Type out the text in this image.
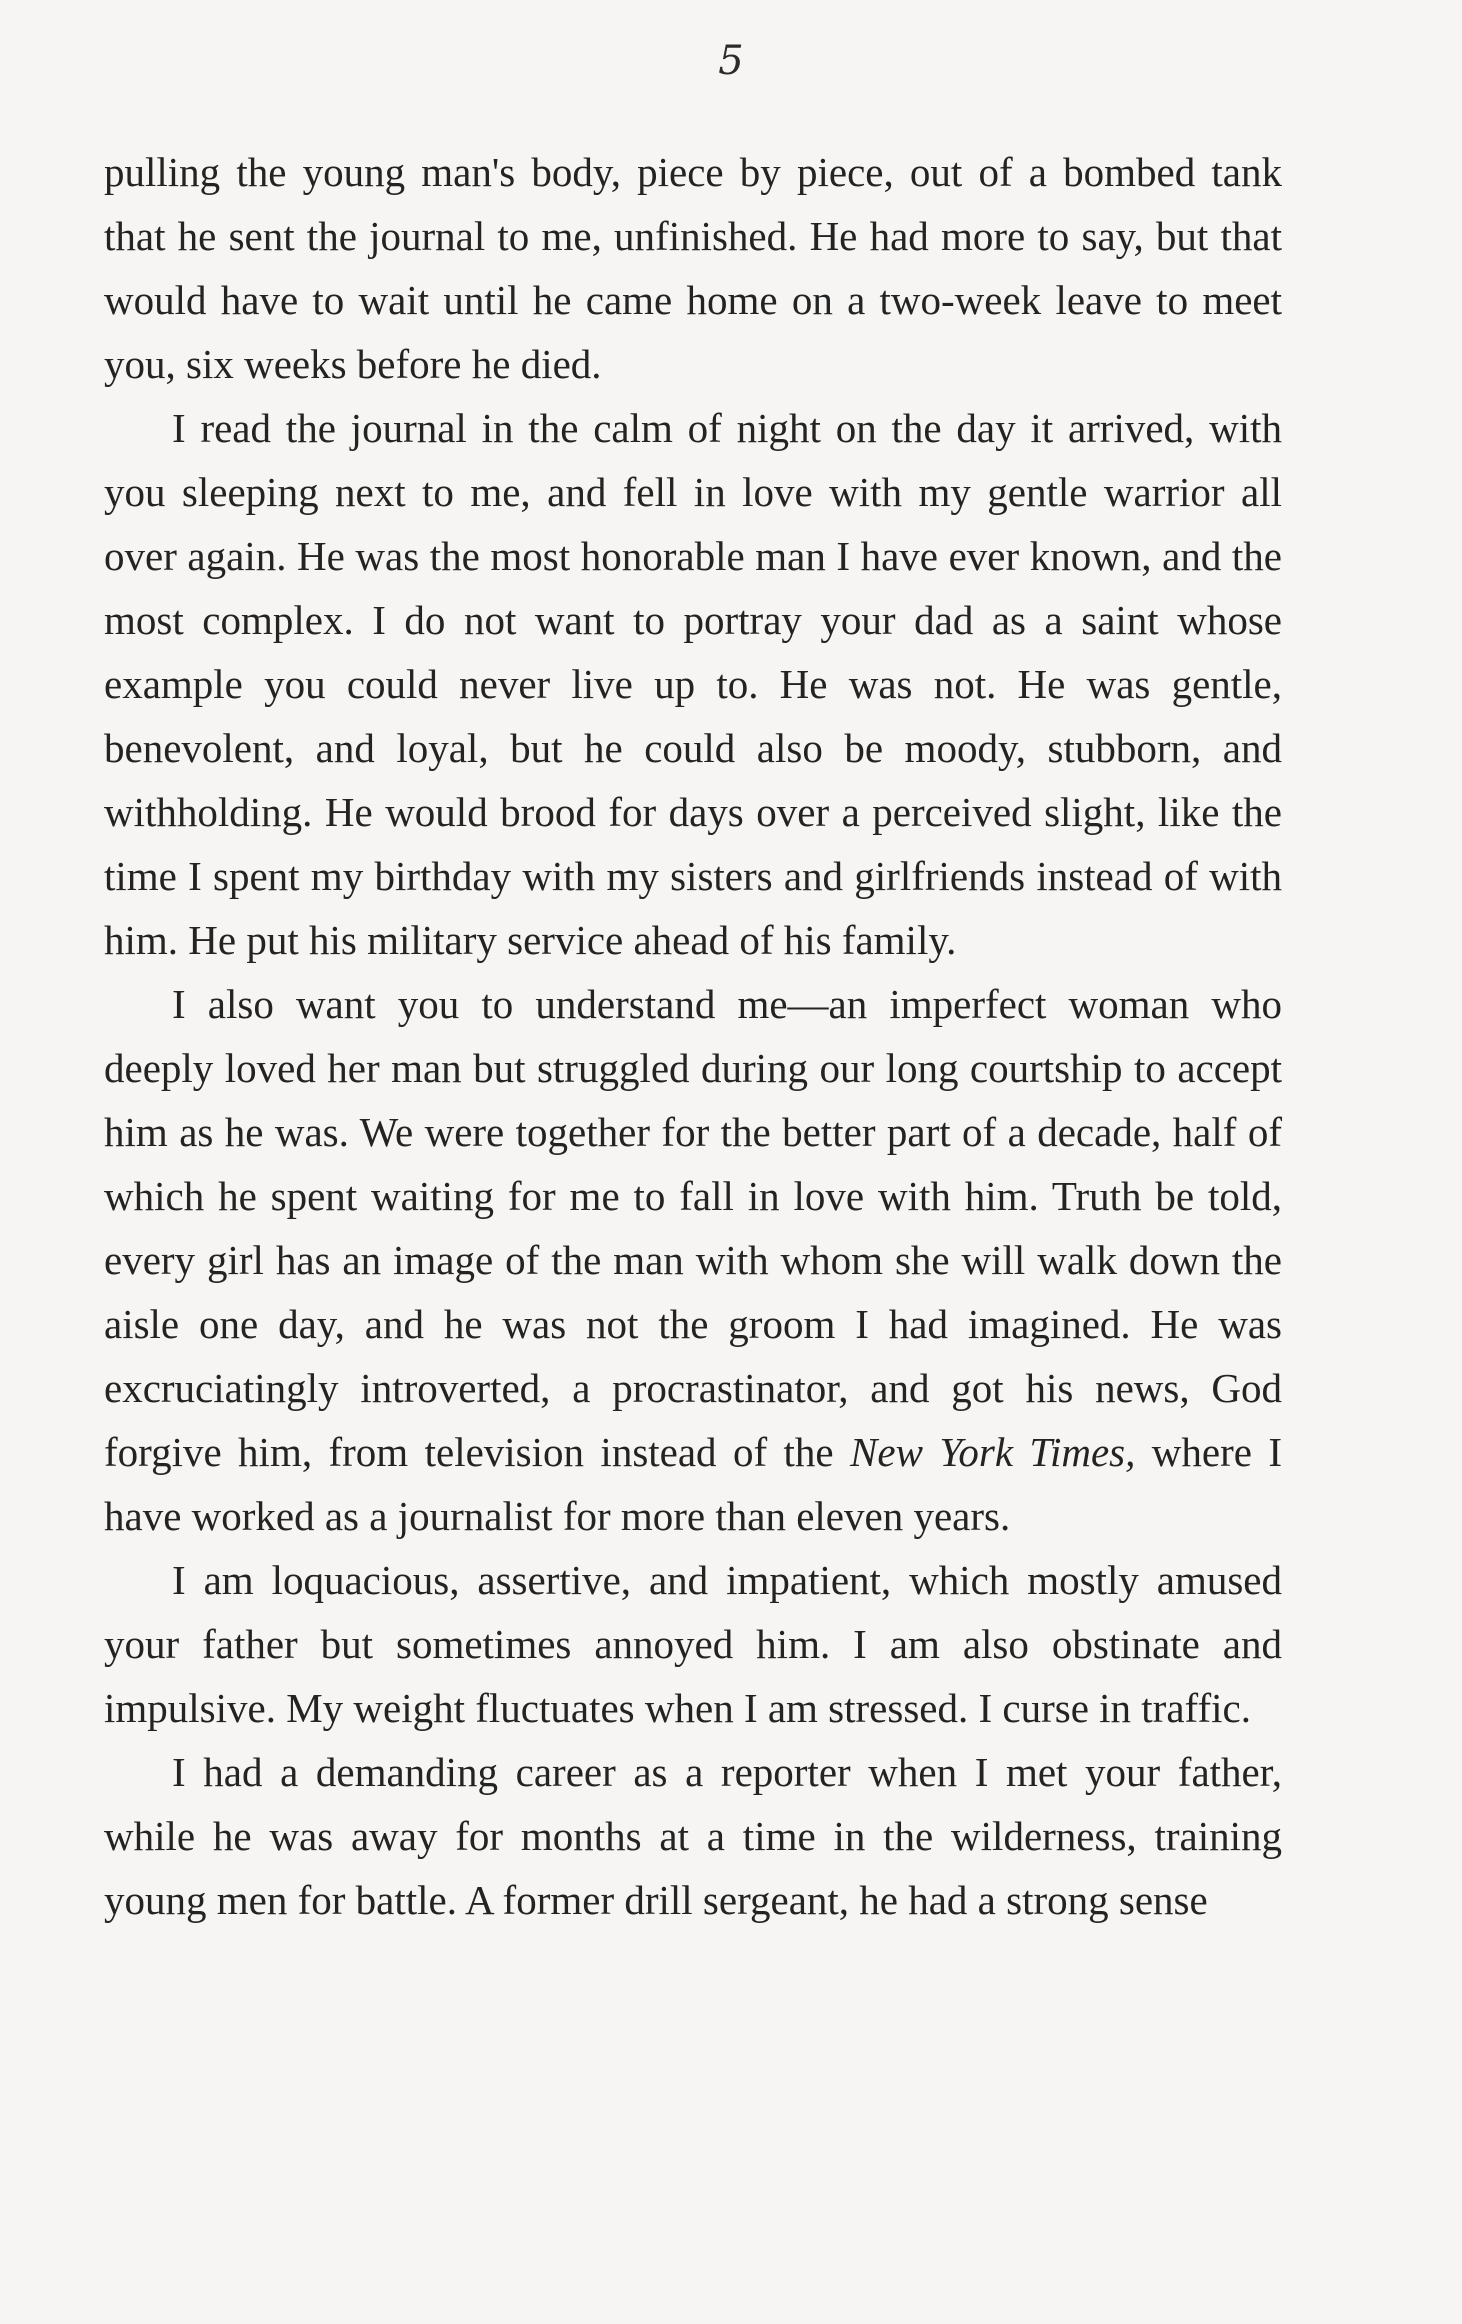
5

pulling the young man's body, piece by piece, out of a bombed tank that he sent the journal to me, unfinished. He had more to say, but that would have to wait until he came home on a two-week leave to meet you, six weeks before he died.

I read the journal in the calm of night on the day it arrived, with you sleeping next to me, and fell in love with my gentle warrior all over again. He was the most honorable man I have ever known, and the most complex. I do not want to portray your dad as a saint whose example you could never live up to. He was not. He was gentle, benevolent, and loyal, but he could also be moody, stubborn, and withholding. He would brood for days over a perceived slight, like the time I spent my birthday with my sisters and girlfriends instead of with him. He put his military service ahead of his family.

I also want you to understand me—an imperfect woman who deeply loved her man but struggled during our long courtship to accept him as he was. We were together for the better part of a decade, half of which he spent waiting for me to fall in love with him. Truth be told, every girl has an image of the man with whom she will walk down the aisle one day, and he was not the groom I had imagined. He was excruciatingly introverted, a procrastinator, and got his news, God forgive him, from television instead of the New York Times, where I have worked as a journalist for more than eleven years.

I am loquacious, assertive, and impatient, which mostly amused your father but sometimes annoyed him. I am also obstinate and impulsive. My weight fluctuates when I am stressed. I curse in traffic.

I had a demanding career as a reporter when I met your father, while he was away for months at a time in the wilderness, training young men for battle. A former drill sergeant, he had a strong sense
